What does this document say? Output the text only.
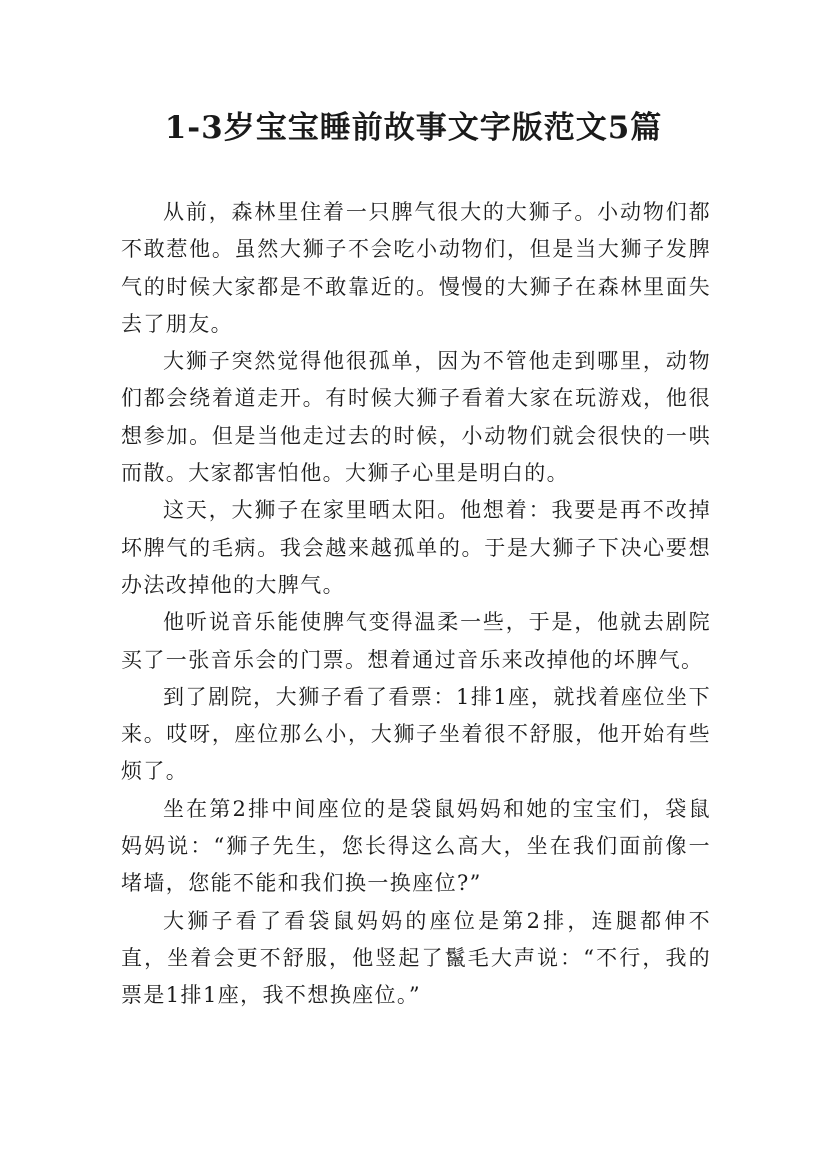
1-3岁宝宝睡前故事文字版范文5篇

从前，森林里住着一只脾气很大的大狮子。小动物们都不敢惹他。虽然大狮子不会吃小动物们，但是当大狮子发脾气的时候大家都是不敢靠近的。慢慢的大狮子在森林里面失去了朋友。

大狮子突然觉得他很孤单，因为不管他走到哪里，动物们都会绕着道走开。有时候大狮子看着大家在玩游戏，他很想参加。但是当他走过去的时候，小动物们就会很快的一哄而散。大家都害怕他。大狮子心里是明白的。

这天，大狮子在家里晒太阳。他想着：我要是再不改掉坏脾气的毛病。我会越来越孤单的。于是大狮子下决心要想办法改掉他的大脾气。

他听说音乐能使脾气变得温柔一些，于是，他就去剧院买了一张音乐会的门票。想着通过音乐来改掉他的坏脾气。

到了剧院，大狮子看了看票：1排1座，就找着座位坐下来。哎呀，座位那么小，大狮子坐着很不舒服，他开始有些烦了。

坐在第2排中间座位的是袋鼠妈妈和她的宝宝们，袋鼠妈妈说：“狮子先生，您长得这么高大，坐在我们面前像一堵墙，您能不能和我们换一换座位?”

大狮子看了看袋鼠妈妈的座位是第2排，连腿都伸不直，坐着会更不舒服，他竖起了鬣毛大声说：“不行，我的票是1排1座，我不想换座位。”
